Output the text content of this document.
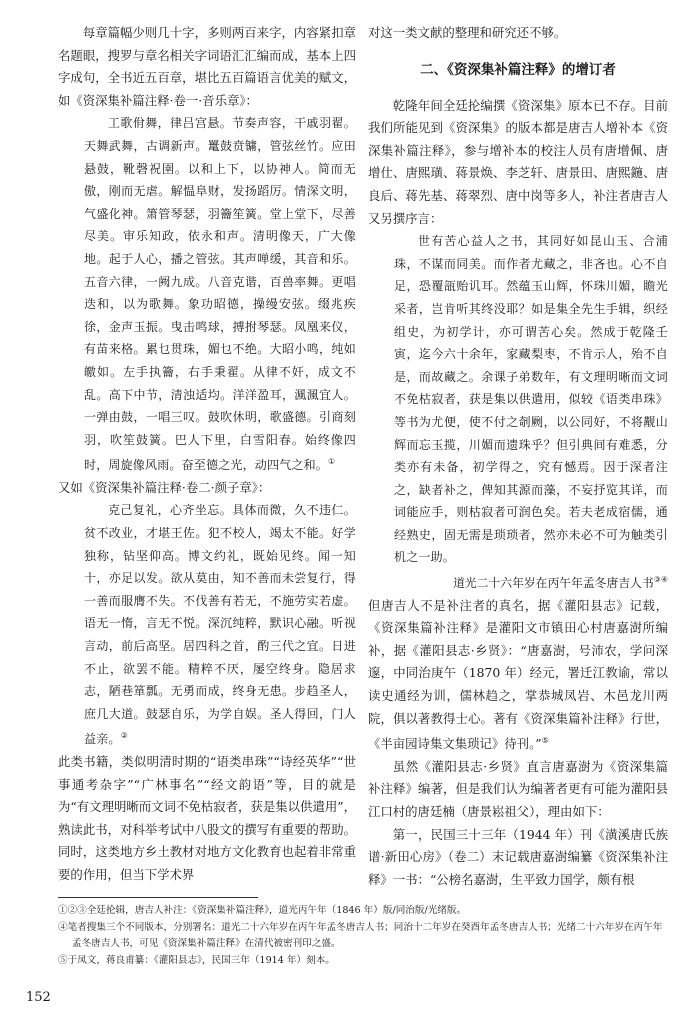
每章篇幅少则几十字，多则两百来字，内容紧扣章名题眼，搜罗与章名相关字词语汇汇编而成，基本上四字成句，全书近五百章，堪比五百篇语言优美的赋文，如《资深集补篇注释·卷一·音乐章》：

工歌佾舞，律吕宫悬。节奏声容，干戚羽翟。天舞武舞，古调新声。鼍鼓贲镛，管弦丝竹。应田悬鼓，靴磬祝圉。以和上下，以协神人。简而无傲，刚而无虐。解愠阜财，发扬蹈厉。情深文明，气盛化神。箫管琴瑟，羽籥笙簧。堂上堂下，尽善尽美。审乐知政，依永和声。清明像天，广大像地。起于人心，播之管弦。其声啴缓，其音和乐。五音六律，一阙九成。八音克谐，百兽率舞。更唱迭和，以为歌舞。象功昭德，操缦安弦。缀兆疾徐，金声玉振。曳击鸣球，搏拊琴瑟。凤凰来仪，有苗来格。累乜贯珠，媚乜不绝。大昭小鸣，纯如皦如。左手执籥，右手秉翟。从律不奸，成文不乱。高下中节，清浊适均。洋洋盈耳，渢渢宜人。一弹由鼓，一唱三叹。鼓吹休明，歌盛德。引商刻羽，吹笙鼓簧。巴人下里，白雪阳春。始终像四时，周旋像风雨。奋至德之光，动四气之和。①

又如《资深集补篇注释·卷二·颜子章》：

克己复礼，心齐坐忘。具体而微，久不违仁。贫不改业，才堪王佐。犯不校人，竭太不能。好学独称，钻坚仰高。博文约礼，既始见终。闻一知十，亦足以发。欲从莫由，知不善而未尝复行，得一善而服膺不失。不伐善有若无，不施劳实若虚。语无一惰，言无不悦。深沉纯粹，默识心融。听视言动，前后高坚。居四科之首，酌三代之宜。日进不止，欲罢不能。精粹不厌，屡空终身。隐居求志，陋巷箪瓢。无勇而成，终身无患。步趋圣人，庶几大道。鼓瑟自乐，为学自娱。圣人得回，门人益亲。②

此类书籍，类似明清时期的“语类串珠”“诗经英华”“世事通考杂字”“广林事名”“经文韵语”等，目的就是为“有文理明晰而文词不免枯寂者，获是集以供遣用”，熟读此书，对科举考试中八股文的撰写有重要的帮助。同时，这类地方乡土教材对地方文化教育也起着非常重要的作用，但当下学术界

对这一类文献的整理和研究还不够。

二、《资深集补篇注释》的增订者

乾隆年间全廷抡编撰《资深集》原本已不存。目前我们所能见到《资深集》的版本都是唐吉人增补本《资深集补篇注释》，参与增补本的校注人员有唐增佩、唐增仕、唐熙璜、蒋景焕、李芝轩、唐景田、唐熙鍦、唐良后、蒋先基、蒋翠烈、唐中岗等多人，补注者唐吉人又另撰序言：

世有苦心益人之书，其同好如昆山玉、合浦珠，不谋而同美。而作者尤藏之，非吝也。心不自足，恐覆瓿贻讥耳。然蕴玉山辉，怀珠川媚，瞻光采者，岂肯听其终没耶？如是集全先生手辑，织经组史，为初学计，亦可谓苦心矣。然成于乾隆壬寅，迄今六十余年，家藏梨枣，不肯示人，殆不自是，而故藏之。余课子弟数年，有文理明晰而文词不免枯寂者，获是集以供遣用，似较《语类串珠》等书为尤便，使不付之剞劂，以公同好，不将觏山辉而忘玉揽，川媚而遗珠乎？但引典间有难悉，分类亦有未备，初学得之，究有憾焉。因于深者注之，缺者补之，俾知其源而藻，不妄抒览其详，而词能应手，则枯寂者可润色矣。若夫老成宿儒，通经熟史，固无需是琐琐者，然亦未必不可为触类引机之一助。

道光二十六年岁在丙午年孟冬唐吉人书③④

但唐吉人不是补注者的真名，据《灌阳县志》记载，《资深集篇补注释》是灌阳文市镇田心村唐嘉澍所编补，据《灌阳县志·乡贤》：“唐嘉澍，号沛农，学问深邃，中同治庚午（1870 年）经元，署迁江教谕，常以读史通经为训，儒林趋之，掌恭城凤岩、木邑龙川两院，俱以著教得士心。著有《资深集篇补注释》行世，《半亩园诗集文集琐记》待刊。”⑤

虽然《灌阳县志·乡贤》直言唐嘉澍为《资深集篇补注释》编著，但是我们认为编著者更有可能为灌阳县江口村的唐廷楠（唐景崧祖父），理由如下：

第一，民国三十三年（1944 年）刊《潢溪唐氏族谱·新田心房》（卷二）末记载唐嘉澍编纂《资深集补注释》一书：“公榜名嘉澍，生平致力国学，颇有根

①②③全廷抡辑，唐吉人补注：《资深集补篇注释》，道光丙午年（1846 年）版/同治版/光绪版。

④笔者搜集三个不同版本，分别署名：道光二十六年岁在丙午年孟冬唐吉人书；同治十二年岁在癸酉年孟冬唐吉人书；光绪二十六年岁在丙午年孟冬唐吉人书，可见《资深集补篇注释》在清代被密刊印之盛。

⑤于凤文，蒋良甫纂：《灌阳县志》，民国三年（1914 年）刻本。

152
